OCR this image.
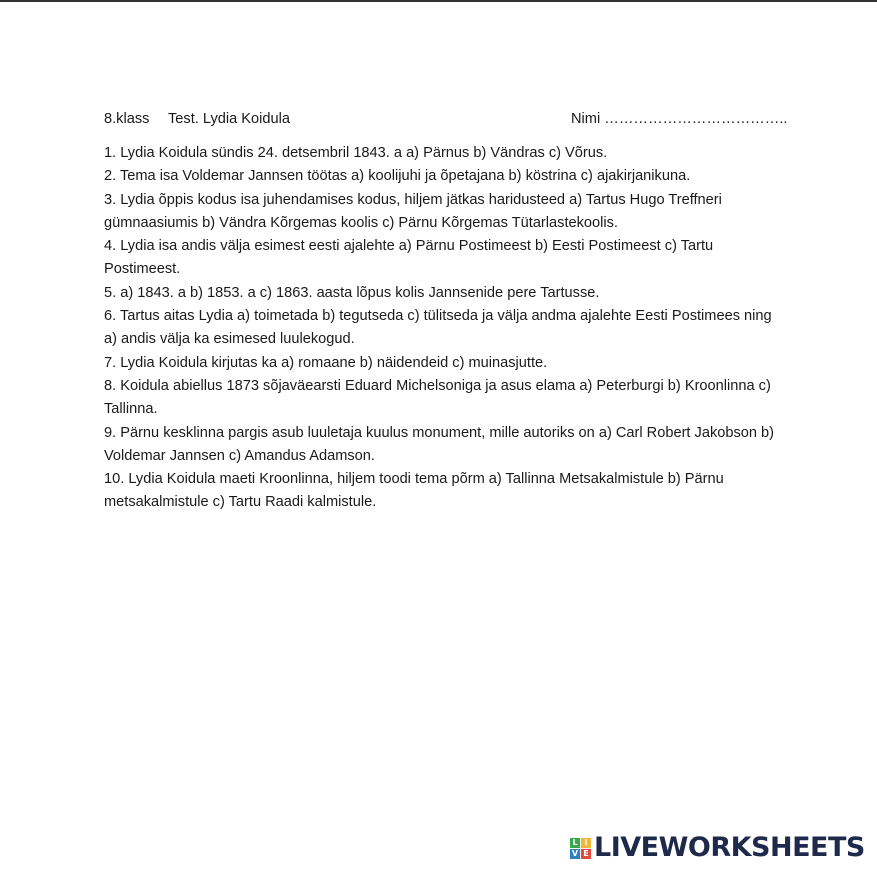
8.klass Test. Lydia Koidula	Nimi ………………………………..

1. Lydia Koidula sündis 24. detsembril 1843. a a) Pärnus b) Vändras c) Võrus.

2. Tema isa Voldemar Jannsen töötas a) koolijuhi ja õpetajana b) köstrina c) ajakirjanikuna.

3. Lydia õppis kodus isa juhendamises kodus, hiljem jätkas haridusteed a) Tartus Hugo Treffneri gümnaasiumis b) Vändra Kõrgemas koolis c) Pärnu Kõrgemas Tütarlastekoolis.

4. Lydia isa andis välja esimest eesti ajalehte a) Pärnu Postimeest b) Eesti Postimeest c) Tartu Postimeest.

5. a) 1843. a b) 1853. a c) 1863. aasta lõpus kolis Jannsenide pere Tartusse.

6. Tartus aitas Lydia a) toimetada b) tegutseda c) tülitseda ja välja andma ajalehte Eesti Postimees ning a) andis välja ka esimesed luulekogud.

7. Lydia Koidula kirjutas ka a) romaane b) näidendeid c) muinasjutte.

8. Koidula abiellus 1873 sõjaväearsti Eduard Michelsoniga ja asus elama a) Peterburgi b) Kroonlinna c) Tallinna.

9. Pärnu kesklinna pargis asub luuletaja kuulus monument, mille autoriks on a) Carl Robert Jakobson b) Voldemar Jannsen c) Amandus Adamson.

10. Lydia Koidula maeti Kroonlinna, hiljem toodi tema põrm a) Tallinna Metsakalmistule b) Pärnu metsakalmistule c) Tartu Raadi kalmistule.

L I
V E LIVEWORKSHEETS
